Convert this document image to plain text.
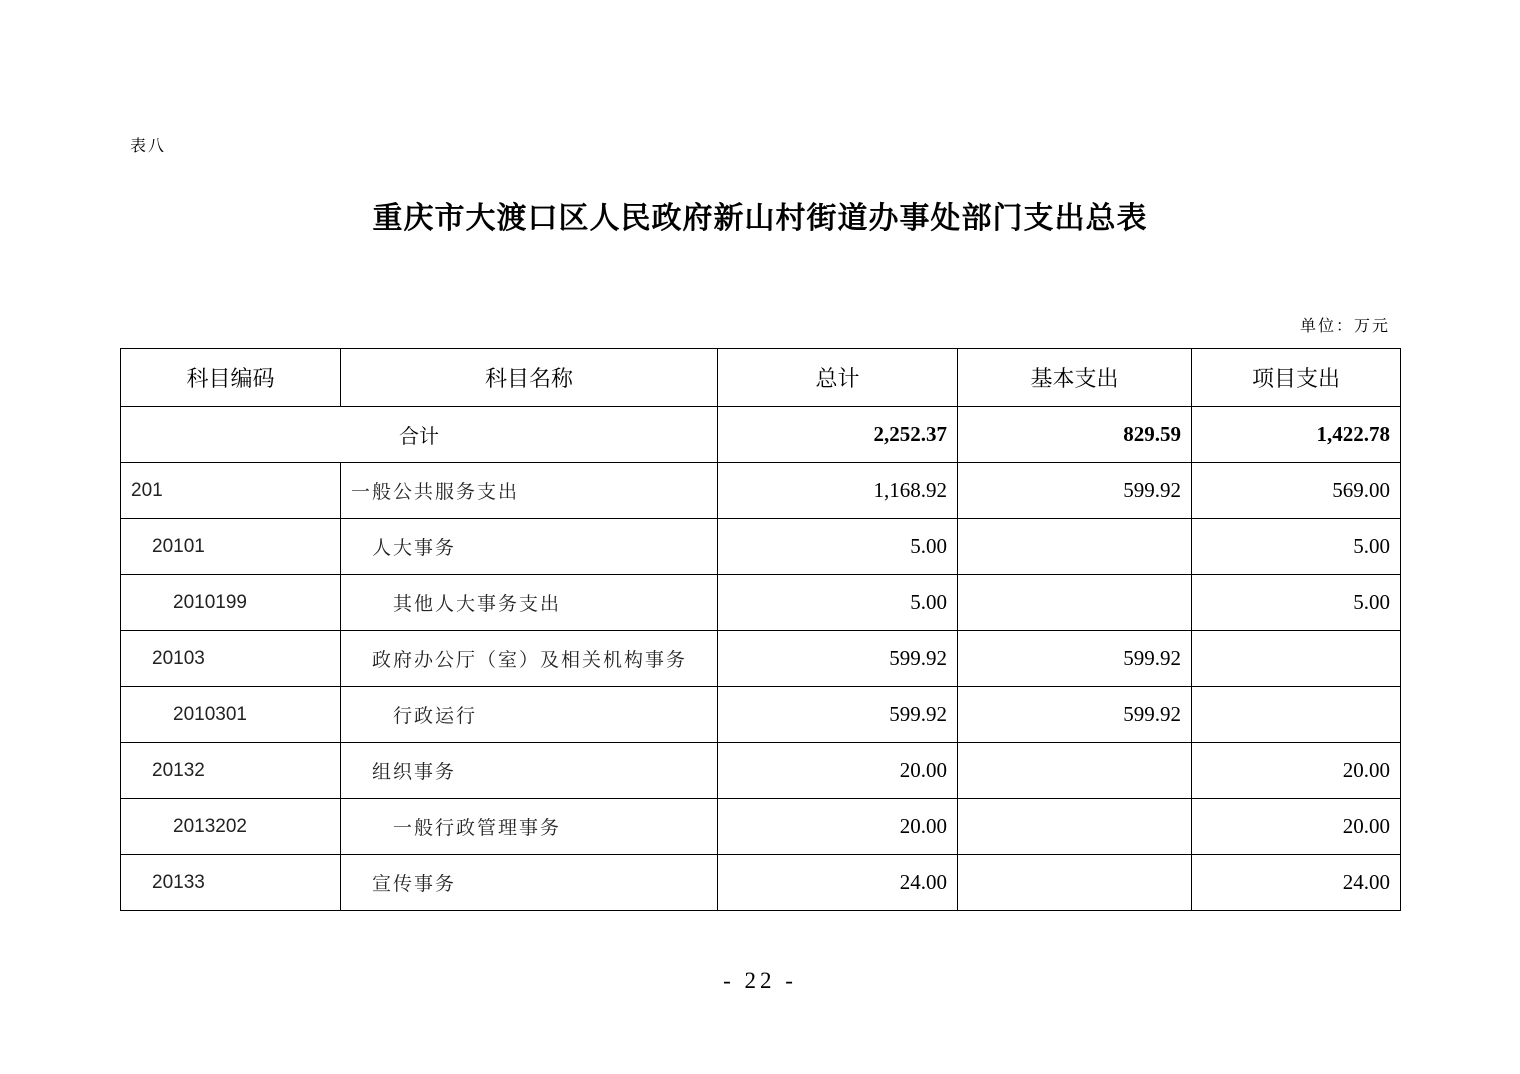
表八
重庆市大渡口区人民政府新山村街道办事处部门支出总表
单位：万元
科目编码	科目名称	总计	基本支出	项目支出
合计		2,252.37	829.59	1,422.78
201	一般公共服务支出	1,168.92	599.92	569.00
20101	人大事务	5.00		5.00
2010199	其他人大事务支出	5.00		5.00
20103	政府办公厅（室）及相关机构事务	599.92	599.92	
2010301	行政运行	599.92	599.92	
20132	组织事务	20.00		20.00
2013202	一般行政管理事务	20.00		20.00
20133	宣传事务	24.00		24.00
- 22 -
